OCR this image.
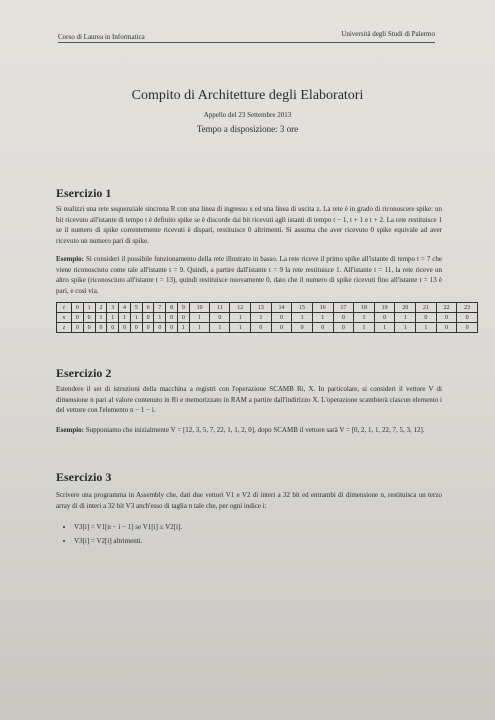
Corso di Laurea in Informatica	Università degli Studi di Palermo
Compito di Architetture degli Elaboratori
Appello del 23 Settembre 2013
Tempo a disposizione: 3 ore
Esercizio 1
Si realizzi una rete sequenziale sincrona R con una linea di ingresso x ed una linea di uscita z. La rete è in grado di riconoscere spike: un bit ricevuto all'istante di tempo t è definito spike se è discorde dai bit ricevuti agli istanti di tempo t − 1, t + 1 e t + 2. La rete restituisce 1 se il numero di spike correntemente ricevuti è dispari, restituisce 0 altrimenti. Si assuma che aver ricevuto 0 spike equivale ad aver ricevuto un numero pari di spike.
Esempio: Si consideri il possibile funzionamento della rete illustrato in basso. La rete riceve il primo spike all'istante di tempo t = 7 che viene riconosciuto come tale all'istante t = 9. Quindi, a partire dall'istante t = 9 la rete restituisce 1. All'istante t = 11, la rete riceve un altro spike (riconosciuto all'istante t = 13), quindi restituisce nuovamente 0, dato che il numero di spike ricevuti fino all'istante t = 13 è pari, e così via.
t	0	1	2	3	4	5	6	7	8	9	10	11	12	13	14	15	16	17	18	19	20	21	22	23
x	0	0	1	1	1	1	0	1	0	0	1	0	1	1	0	1	1	0	1	0	1	0	0	0
z	0	0	0	0	0	0	0	0	0	1	1	1	1	0	0	0	0	0	1	1	1	1	0	0
Esercizio 2
Estendere il set di istruzioni della macchina a registri con l'operazione SCAMB Ri, X. In particolare, si consideri il vettore V di dimensione n pari al valore contenuto in Ri e memorizzato in RAM a partire dall'indirizzo X. L'operazione scambierà ciascun elemento i del vettore con l'elemento n − 1 − i.
Esempio: Supponiamo che inizialmente V = [12, 3, 5, 7, 22, 1, 1, 2, 0], dopo SCAMB il vettore sarà V = [0, 2, 1, 1, 22, 7, 5, 3, 12].
Esercizio 3
Scrivere una programma in Assembly che, dati due vettori V1 e V2 di interi a 32 bit ed entrambi di dimensione n, restituisca un terzo array di di interi a 32 bit V3 anch'esso di taglia n tale che, per ogni indice i:
• V3[i] = V1[n − i − 1] se V1[i] ≤ V2[i].
• V3[i] = V2[i] altrimenti.
